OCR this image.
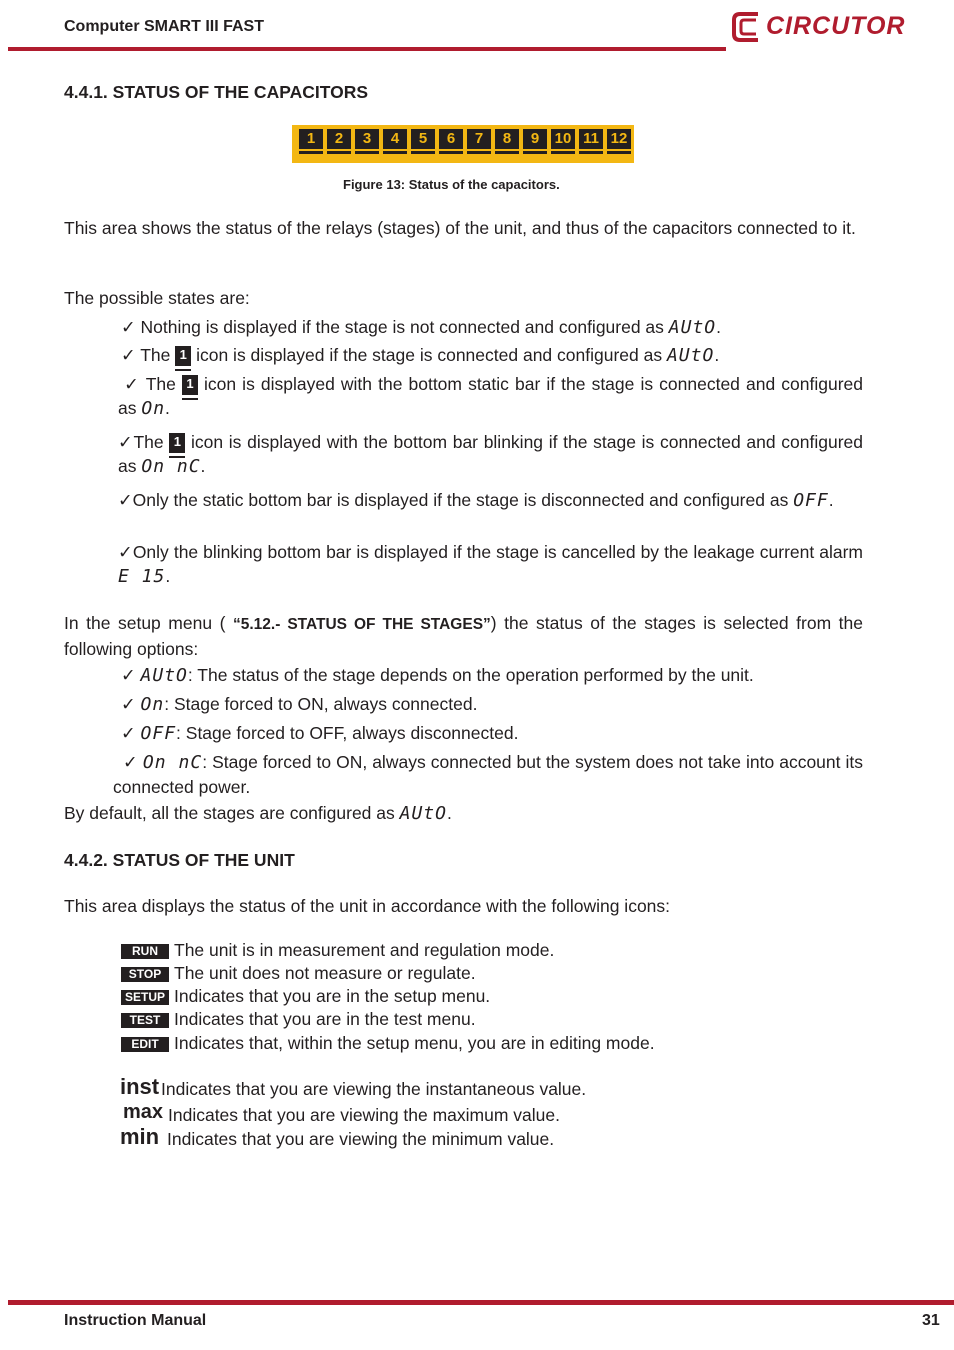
Computer SMART III FAST	CIRCUTOR
4.4.1. STATUS OF THE CAPACITORS
1	2	3	4	5	6	7	8	9	10 11 12
Figure 13: Status of the capacitors.
This area shows the status of the relays (stages) of the unit, and thus of the capacitors connected to it.
The possible states are:
✓ Nothing is displayed if the stage is not connected and configured as AUtO.
✓ The 1 icon is displayed if the stage is connected and configured as AUtO.
✓ The 1 icon is displayed with the bottom static bar if the stage is connected and configured as On.
✓The 1 icon is displayed with the bottom bar blinking if the stage is connected and configured as On nC.
✓Only the static bottom bar is displayed if the stage is disconnected and configured as OFF.
✓Only the blinking bottom bar is displayed if the stage is cancelled by the leakage current alarm E 15.
In the setup menu ( “5.12.- STATUS OF THE STAGES”) the status of the stages is selected from the following options:
✓ AUtO: The status of the stage depends on the operation performed by the unit.
✓ On: Stage forced to ON, always connected.
✓ OFF: Stage forced to OFF, always disconnected.
✓ On nC: Stage forced to ON, always connected but the system does not take into account its connected power.
By default, all the stages are configured as AUtO.
4.4.2. STATUS OF THE UNIT
This area displays the status of the unit in accordance with the following icons:
RUN The unit is in measurement and regulation mode.
STOP The unit does not measure or regulate.
SETUP Indicates that you are in the setup menu.
TEST Indicates that you are in the test menu.
EDIT Indicates that, within the setup menu, you are in editing mode.
inst Indicates that you are viewing the instantaneous value.
max Indicates that you are viewing the maximum value.
min Indicates that you are viewing the minimum value.
Instruction Manual	31
